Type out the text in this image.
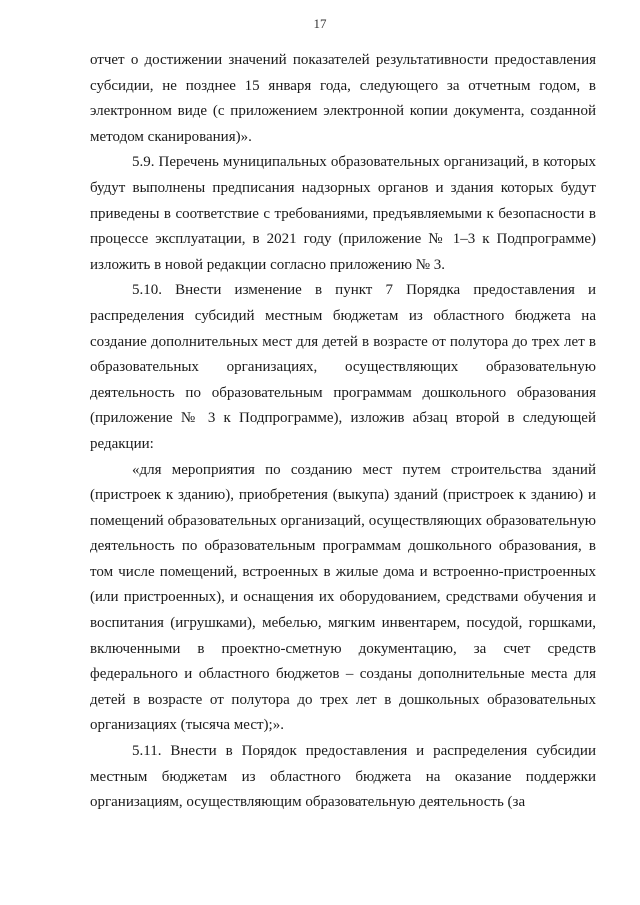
17

отчет о достижении значений показателей результативности предоставления субсидии, не позднее 15 января года, следующего за отчетным годом, в электронном виде (с приложением электронной копии документа, созданной методом сканирования)».

5.9. Перечень муниципальных образовательных организаций, в которых будут выполнены предписания надзорных органов и здания которых будут приведены в соответствие с требованиями, предъявляемыми к безопасности в процессе эксплуатации, в 2021 году (приложение № 1–3 к Подпрограмме) изложить в новой редакции согласно приложению № 3.

5.10. Внести изменение в пункт 7 Порядка предоставления и распределения субсидий местным бюджетам из областного бюджета на создание дополнительных мест для детей в возрасте от полутора до трех лет в образовательных организациях, осуществляющих образовательную деятельность по образовательным программам дошкольного образования (приложение № 3 к Подпрограмме), изложив абзац второй в следующей редакции:

«для мероприятия по созданию мест путем строительства зданий (пристроек к зданию), приобретения (выкупа) зданий (пристроек к зданию) и помещений образовательных организаций, осуществляющих образовательную деятельность по образовательным программам дошкольного образования, в том числе помещений, встроенных в жилые дома и встроенно-пристроенных (или пристроенных), и оснащения их оборудованием, средствами обучения и воспитания (игрушками), мебелью, мягким инвентарем, посудой, горшками, включенными в проектно-сметную документацию, за счет средств федерального и областного бюджетов – созданы дополнительные места для детей в возрасте от полутора до трех лет в дошкольных образовательных организациях (тысяча мест);».

5.11. Внести в Порядок предоставления и распределения субсидии местным бюджетам из областного бюджета на оказание поддержки организациям, осуществляющим образовательную деятельность (за
